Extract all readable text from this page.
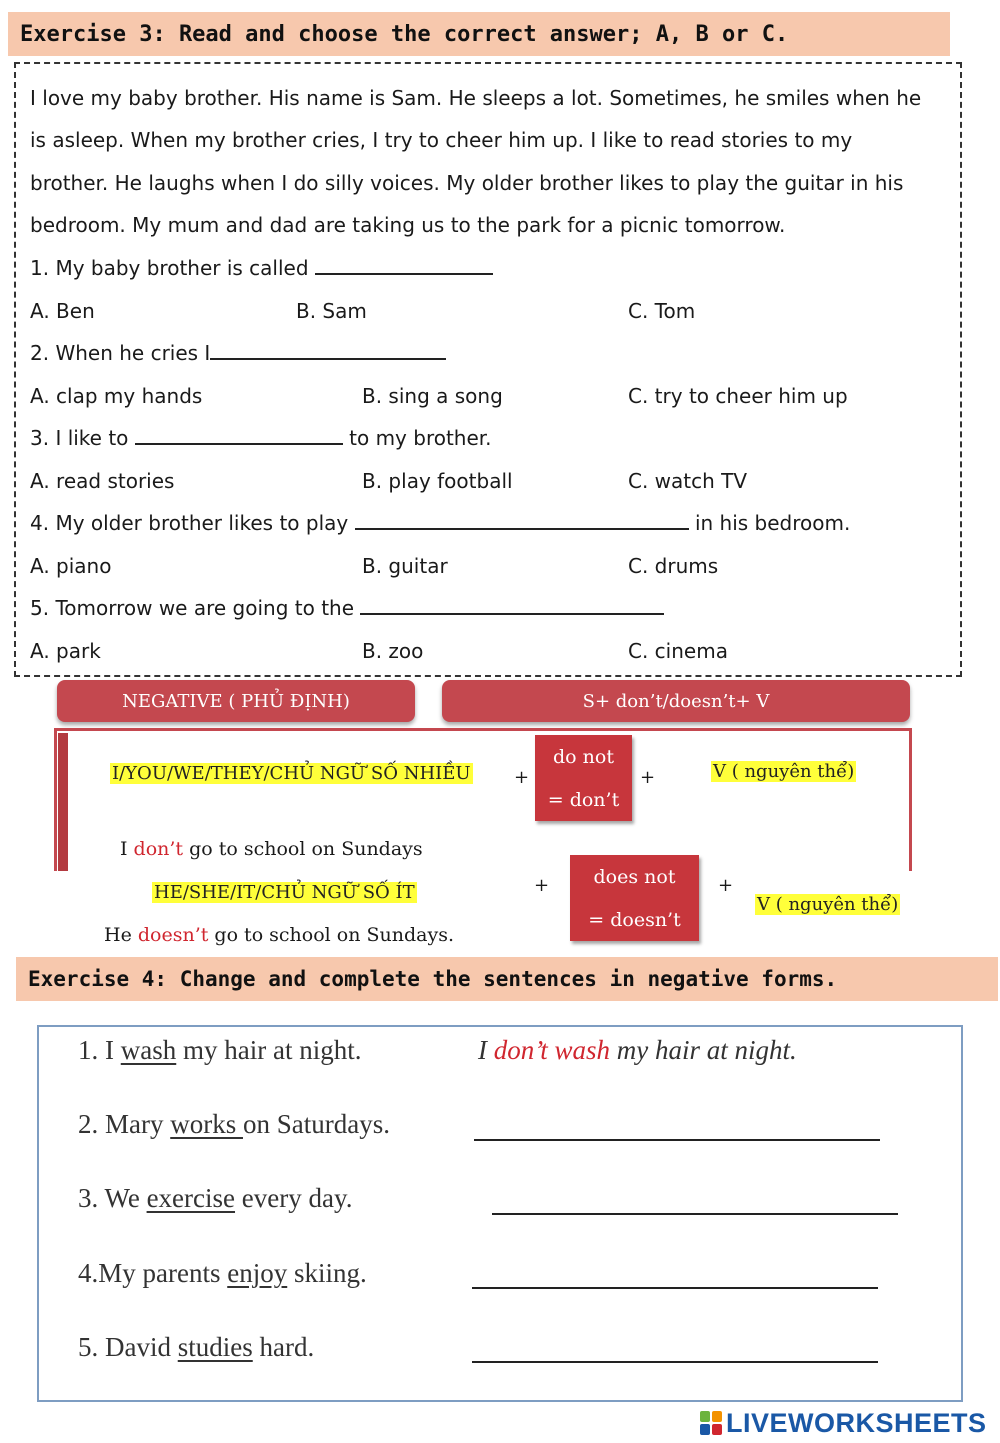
Exercise 3: Read and choose the correct answer; A, B or C.
I love my baby brother. His name is Sam. He sleeps a lot. Sometimes, he smiles when he
is asleep. When my brother cries, I try to cheer him up. I like to read stories to my
brother. He laughs when I do silly voices. My older brother likes to play the guitar in his
bedroom. My mum and dad are taking us to the park for a picnic tomorrow.
1. My baby brother is called
A. Ben	B. Sam	C. Tom
2. When he cries I
A. clap my hands	B. sing a song	C. try to cheer him up
3. I like to	to my brother.
A. read stories	B. play football	C. watch TV
4. My older brother likes to play	in his bedroom.
A. piano	B. guitar	C. drums
5. Tomorrow we are going to the
A. park	B. zoo	C. cinema
NEGATIVE ( PHỦ ĐỊNH)	S+ don’t/doesn’t+ V
I/YOU/WE/THEY/CHỦ NGỮ SỐ NHIỀU +
do not
= don’t
+	V ( nguyên thể)
I don’t go to school on Sundays
HE/SHE/IT/CHỦ NGỮ SỐ ÍT	+ does not
= doesn’t
+
V ( nguyên thể)
He doesn’t go to school on Sundays.
Exercise 4: Change and complete the sentences in negative forms.
1. I wash my hair at night.	I don’t wash my hair at night.
2. Mary works on Saturdays.
3. We exercise every day.
4.My parents enjoy skiing.
5. David studies hard.
LIVEWORKSHEETS
